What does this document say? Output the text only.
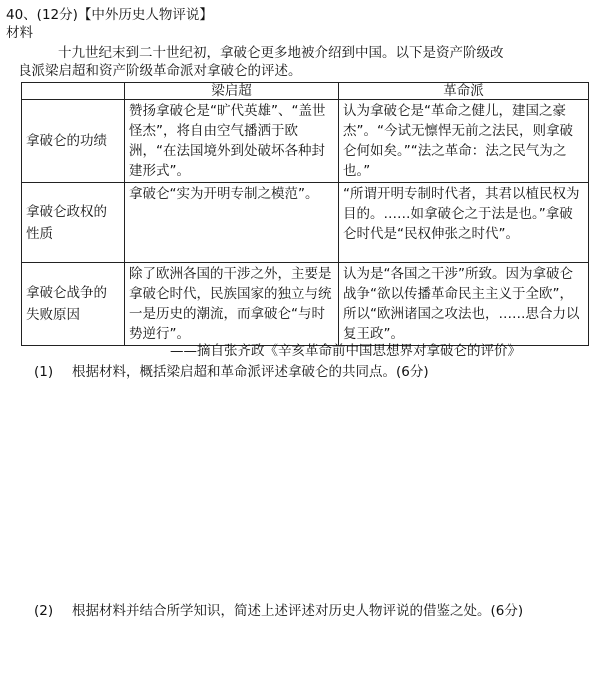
40、(12分)【中外历史人物评说】
材料

十九世纪末到二十世纪初，拿破仑更多地被介绍到中国。以下是资产阶级改

良派梁启超和资产阶级革命派对拿破仑的评述。

	梁启超	革命派
拿破仑的功绩	赞扬拿破仑是“旷代英雄”、“盖世怪杰”，将自由空气播洒于欧洲，“在法国境外到处破坏各种封建形式”。	认为拿破仑是“革命之健儿，建国之豪杰”。“今试无懔悍无前之法民，则拿破仑何如矣。”“法之革命：法之民气为之也。”
拿破仑政权的性质	拿破仑“实为开明专制之模范”。	“所谓开明专制时代者，其君以植民权为目的。……如拿破仑之于法是也。”拿破仑时代是“民权伸张之时代”。
拿破仑战争的失败原因	除了欧洲各国的干涉之外，主要是拿破仑时代，民族国家的独立与统一是历史的潮流，而拿破仑“与时势逆行”。	认为是“各国之干涉”所致。因为拿破仑战争“欲以传播革命民主主义于全欧”，所以“欧洲诸国之攻法也，……思合力以复王政”。
——摘自张齐政《辛亥革命前中国思想界对拿破仑的评价》
(1) 根据材料，概括梁启超和革命派评述拿破仑的共同点。(6分)
(2) 根据材料并结合所学知识，简述上述评述对历史人物评说的借鉴之处。(6分)
